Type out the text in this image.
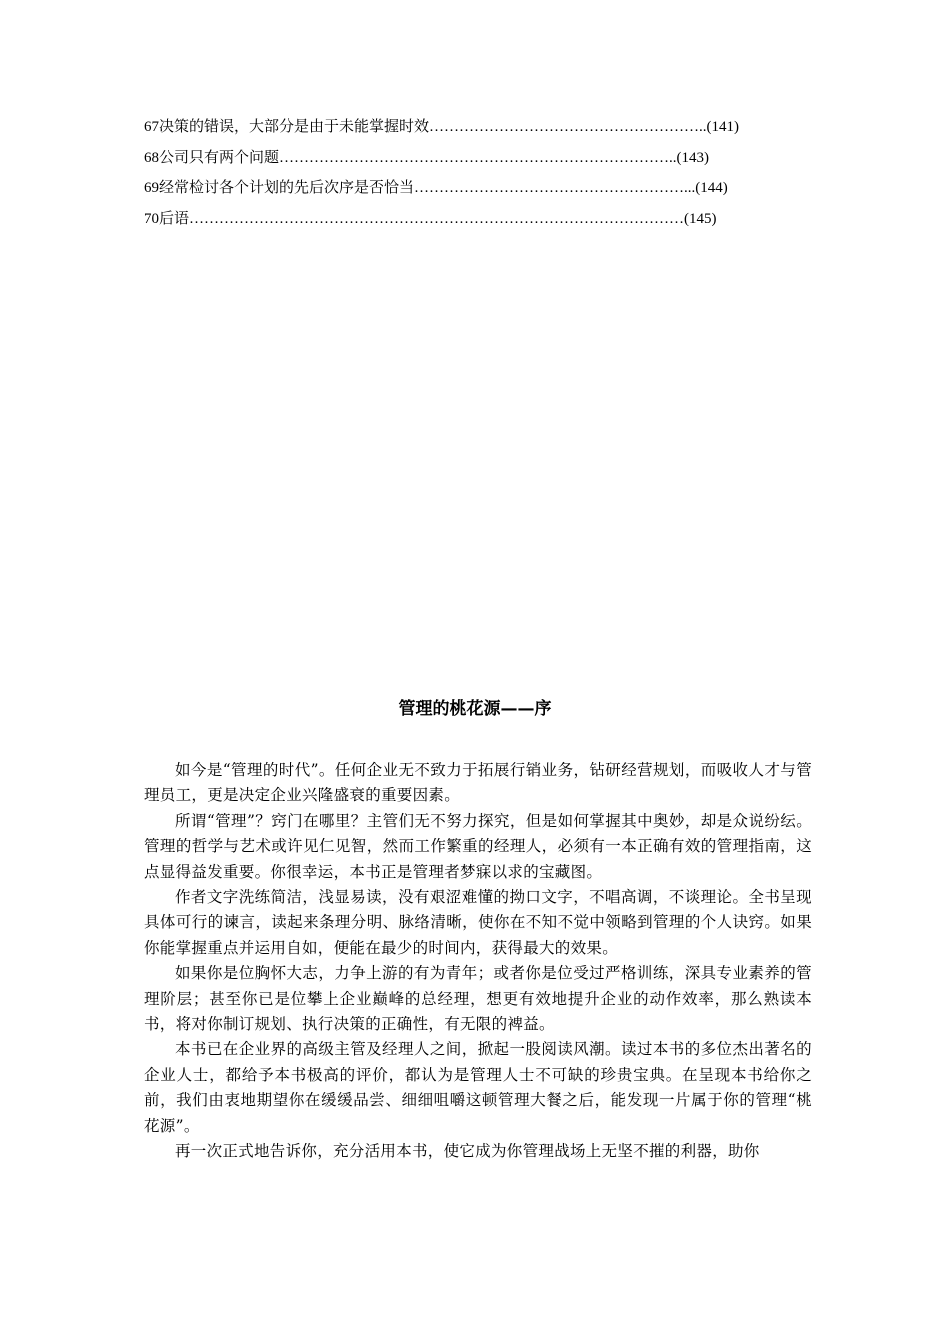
67决策的错误，大部分是由于未能掌握时效………………………………………………..(141)
68公司只有两个问题……………………………………………………………………..(143)
69经常检讨各个计划的先后次序是否恰当………………………………………………...(144)
70后语………………………………………………………………………………………(145)
管理的桃花源——序

如今是“管理的时代”。任何企业无不致力于拓展行销业务，钻研经营规划，而吸收人才与管理员工，更是决定企业兴隆盛衰的重要因素。

所谓“管理”？窍门在哪里？主管们无不努力探究，但是如何掌握其中奥妙，却是众说纷纭。管理的哲学与艺术或许见仁见智，然而工作繁重的经理人，必须有一本正确有效的管理指南，这点显得益发重要。你很幸运，本书正是管理者梦寐以求的宝藏图。

作者文字洗练简洁，浅显易读，没有艰涩难懂的拗口文字，不唱高调，不谈理论。全书呈现具体可行的谏言，读起来条理分明、脉络清晰，使你在不知不觉中领略到管理的个人诀窍。如果你能掌握重点并运用自如，便能在最少的时间内，获得最大的效果。

如果你是位胸怀大志，力争上游的有为青年；或者你是位受过严格训练，深具专业素养的管理阶层；甚至你已是位攀上企业巅峰的总经理，想更有效地提升企业的动作效率，那么熟读本书，将对你制订规划、执行决策的正确性，有无限的裨益。

本书已在企业界的高级主管及经理人之间，掀起一股阅读风潮。读过本书的多位杰出著名的企业人士，都给予本书极高的评价，都认为是管理人士不可缺的珍贵宝典。在呈现本书给你之前，我们由衷地期望你在缓缓品尝、细细咀嚼这顿管理大餐之后，能发现一片属于你的管理“桃花源”。

再一次正式地告诉你，充分活用本书，使它成为你管理战场上无坚不摧的利器，助你
